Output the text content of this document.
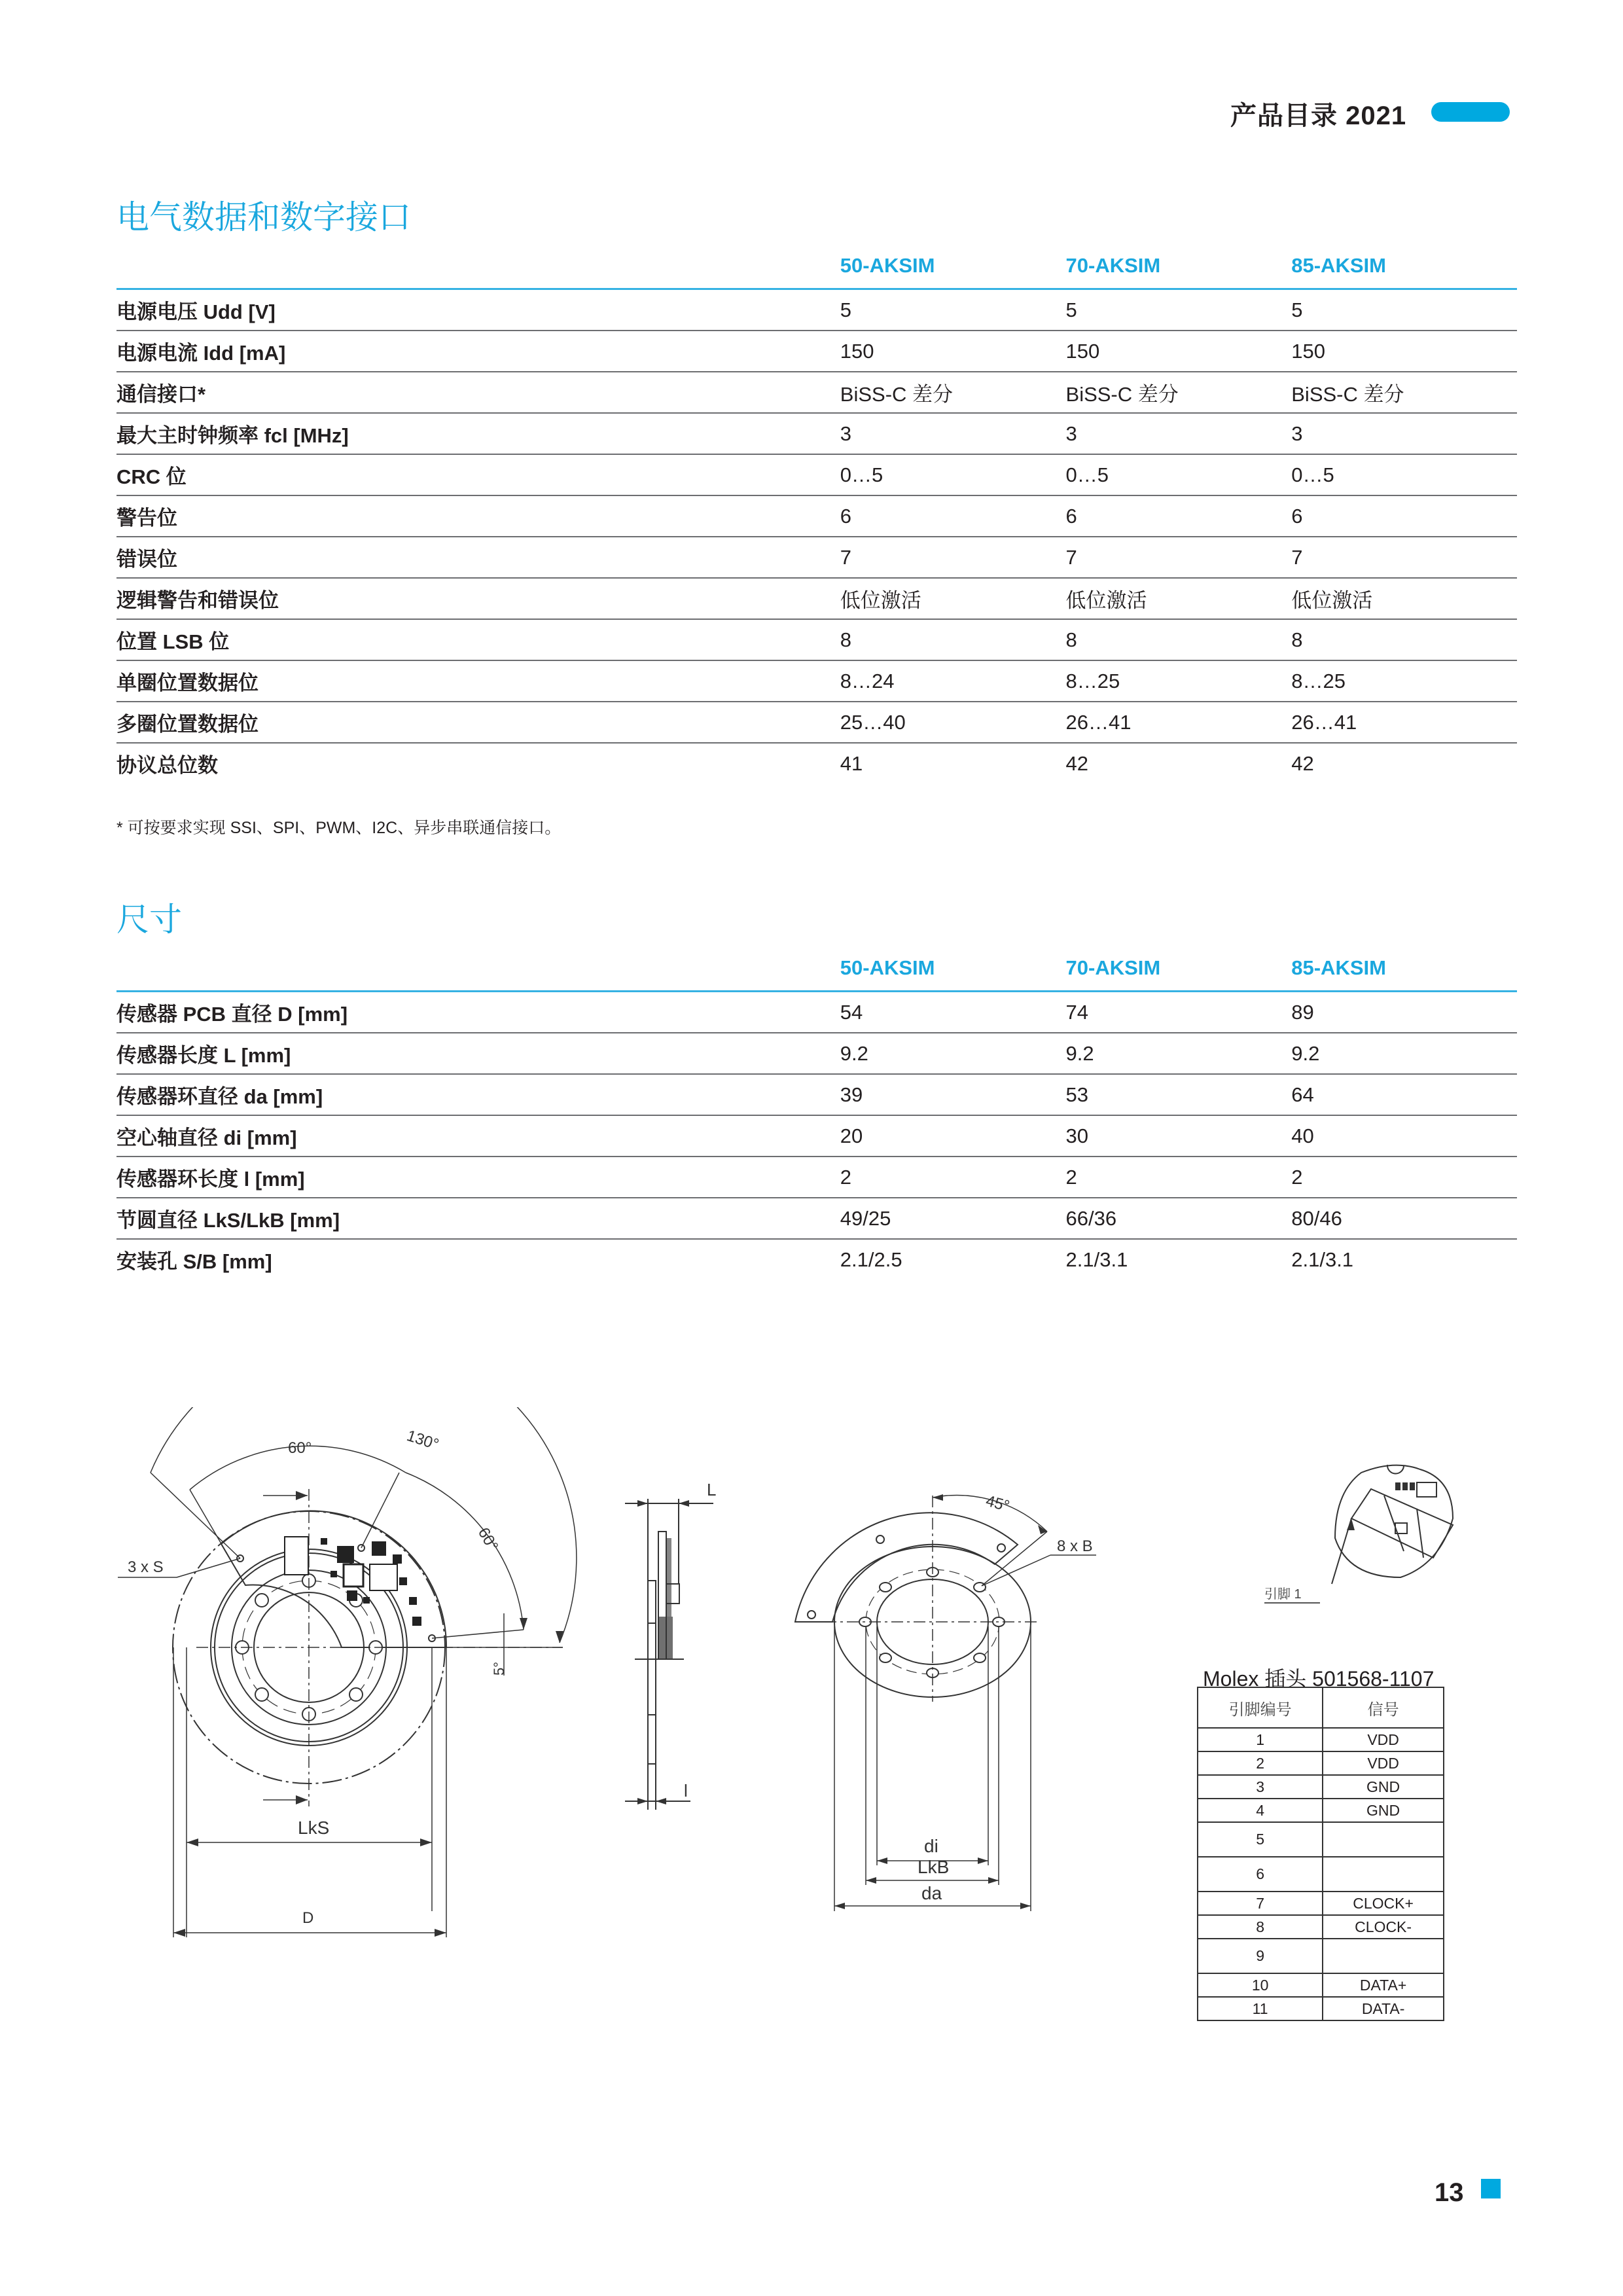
产品目录 2021
电气数据和数字接口
	50-AKSIM	70-AKSIM	85-AKSIM
电源电压 Udd [V]	5	5	5
电源电流 Idd [mA]	150	150	150
通信接口*	BiSS-C 差分	BiSS-C 差分	BiSS-C 差分
最大主时钟频率 fcl [MHz]	3	3	3
CRC 位	0…5	0…5	0…5
警告位	6	6	6
错误位	7	7	7
逻辑警告和错误位	低位激活	低位激活	低位激活
位置 LSB 位	8	8	8
单圈位置数据位	8…24	8…25	8…25
多圈位置数据位	25…40	26…41	26…41
协议总位数	41	42	42
* 可按要求实现 SSI、SPI、PWM、I2C、异步串联通信接口。
尺寸
	50-AKSIM	70-AKSIM	85-AKSIM
传感器 PCB 直径 D [mm]	54	74	89
传感器长度 L [mm]	9.2	9.2	9.2
传感器环直径 da [mm]	39	53	64
空心轴直径 di [mm]	20	30	40
传感器环长度 l [mm]	2	2	2
节圆直径 LkS/LkB [mm]	49/25	66/36	80/46
安装孔 S/B [mm]	2.1/2.5	2.1/3.1	2.1/3.1
60°	130°
60°
5°
3 x S
LkS
D
L
l
45°
8 x B
di
LkB
da
引脚 1
Molex 插头 501568-1107
引脚编号	信号
1	VDD
2	VDD
3	GND
4	GND
5	
6	
7	CLOCK+
8	CLOCK-
9	
10	DATA+
11	DATA-
13
